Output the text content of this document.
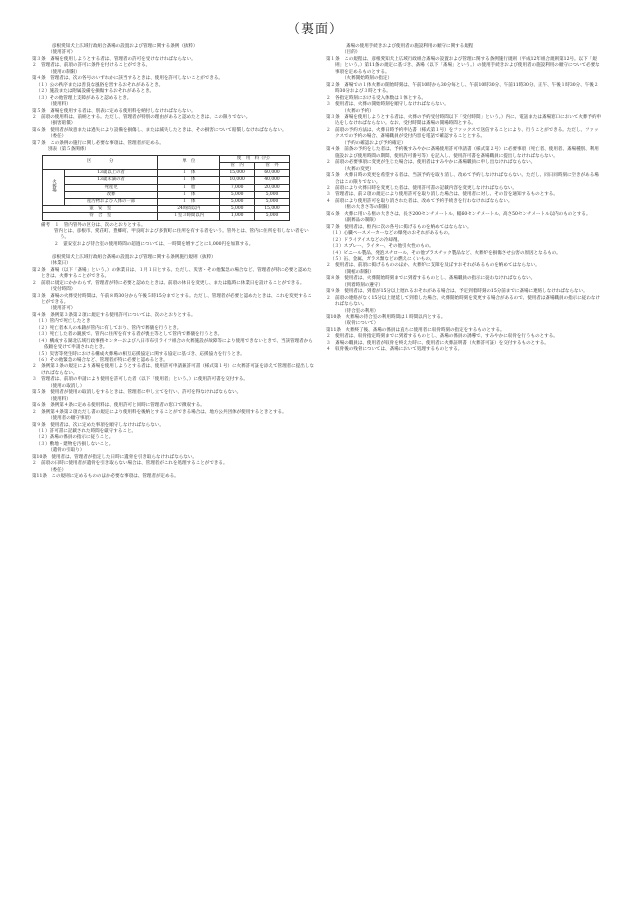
（裏面）
彦根愛知犬上広域行政組合斎場の設置および管理に関する条例（抜粋）
（使用許可）
第３条　斎場を使用しようとする者は、管理者の許可を受けなければならない。
２　管理者は、前項の許可に条件を付けることができる。
（使用の制限）
第４条　管理者は、次の各号のいずれかに該当するときは、使用を許可しないことができる。
（１）公の秩序または善良な風俗を害するおそれがあるとき。
（２）施設または附属設備を損傷するおそれがあるとき。
（３）その他管理上支障があると認めるとき。
（使用料）
第５条　斎場を使用する者は、別表に定める使用料を納付しなければならない。
２　前項の使用料は、前納とする。ただし、管理者が特別の理由があると認めたときは、この限りでない。
（損害賠償）
第６条　使用者が故意または過失により設備を損傷し、または滅失したときは、その損害について賠償しなければならない。
（委任）
第７条　この条例の施行に関し必要な事項は、管理者が定める。
別表（第５条関係）
区　　　　分		単　位	使　用　料（円）	
			管　内	管　外
火葬場	13歳以上の者	１　体	15,000	60,000
	13歳未満の者	１　体	10,000	40,000
	死産児	１　胎	7,000	20,000
	改葬	１　体	5,000	5,000
	産汚物および人体の一部	１　体	5,000	5,000
霊　安　室		24時間以内	5,000	15,000
待　合　室		１室３時間以内	1,000	5,000
備考　１　管内管外の区分は、次のとおりとする。
管内とは、彦根市、愛荘町、豊郷町、甲良町および多賀町に住所を有する者をいう。管外とは、管内に住所を有しない者をいう。
２　霊安室および待合室の使用時間の超過については、一時間を増すごとに1,000円を加算する。
彦根愛知犬上広域行政組合斎場の設置および管理に関する条例施行規則（抜粋）
（休業日）
第２条　斎場（以下「斎場」という。）の休業日は、１月１日とする。ただし、災害・その他緊急の場合など、管理者が特に必要と認めたときは、火葬することができる。
２　前項に規定にかかわらず、管理者が特に必要と認めたときは、前項の休日を変更し、または臨時に休業日を設けることができる。
（受付時間）
第３条　斎場の火葬受付時間は、午前８時30分から午後５時15分までとする。ただし、管理者が必要と認めたときは、これを変更することができる。
（使用許可）
第４条　条例第３条第２項に規定する使用許可については、次のとおりとする。
（１）管内で死亡したとき
（２）死亡者本人の本籍が管内に有しており、管内で葬儀を行うとき。
（３）死亡した者の親族で、管内に住所を有する者が喪主等として管内で葬儀を行うとき。
（４）構成する湖北広域行政事務センターおよび八日市布引ライフ組合の火葬施設が故障等により使用できないときで、当該管理者から依頼を受けて申請されたとき。
（５）災害等発生時における構成火葬場の相互応援協定に関する協定に基づき、応援協力を行うとき。
（６）その他緊急の場合など、管理者が特に必要と認めるとき。
２　条例第３条の規定により斎場を使用しようとする者は、使用許可申請兼許可書（様式第１号）に火葬許可証を添えて管理者に提出しなければならない。
３　管理者は、前項の申請により使用を許可した者（以下「使用者」という。）に使用許可書を交付する。
（使用の取消し）
第５条　使用者が使用の取消しをするときは、管理者に申し立てを行い、許可を得なければならない。
（使用料）
第６条　条例第４条に定める使用料は、使用許可と同時に管理者の窓口で徴収する。
２　条例第４条第２項ただし書の規定により使用料を後納とすることができる場合は、地方公共団体が使用するときとする。
（使用者の順守事項）
第９条　使用者は、次に定めた事項を順守しなければならない。
（１）許可書に記載された時間を厳守すること。
（２）斎場の係員の指示に従うこと。
（３）敷地・建物を汚損しないこと。
（遺骨の引取り）
第10条　使用者は、管理者が指定した日時に遺骨を引き取らなければならない。
２　前項の日時に使用者が遺骨を引き取らない場合は、管理者がこれを処理することができる。
（委任）
第11条　この規則に定めるもののほか必要な事項は、管理者が定める。
斎場の使用手続きおよび使用者の施設利用の順守に関する規程
（目的）
第１条　この規程は、彦根愛知犬上広域行政組合斎場の設置および管理に関する条例施行規則（平成12年組合規則第12号。以下「規則」という。）第11条の規定に基づき、斎場（以下「斎場」という。）の使用手続きおよび使用者の施設利用の順守について必要な事項を定めるものとする。
（火葬開始時刻の指定）
第２条　斎場での１体火葬の開始時刻は、午前10時から30分毎とし、午前10時30分、午前11時30分、正午、午後１時30分、午後２時30分および３時とする。
２　各指定時刻における受入体数は１体とする。
３　使用者は、火葬の開始時刻を順守しなければならない。
（火葬の予約）
第３条　斎場を使用しようとする者は、火葬の予約受付時間以下「受付時間」という。）内に、電話または斎場窓口において火葬予約申込をしなければならない。なお、受付時間は斎場の開場時間とする。
２　前項の予約方法は、火葬日時予約申込書（様式第１号）をファックスで送信することにより、行うことができる。ただし、ファックスでの予約の場合、斎場職員が受付内容を電話で確認することとする。
（予約の確認および予約確定）
第４条　前条の予約をした者は、予約後すみやかに斎場使用許可申請書（様式第２号）に必要事項（死亡者、使用者、斎場種別、利用施設および使用時間の期間、使用許可番号等）を記入し、使用許可書を斎場職員に提出しなければならない。
２　前項の必要事項に変更が生じた場合は、使用者はすみやかに斎場職員に申し出なければならない。
（火葬の変更）
第５条　火葬日時の変更を希望する者は、当該予約を取り消し、改めて予約しなければならない。ただし、同日同時刻に空きがある場合はこの限りでない。
２　前項により火葬日時を変更した者は、使用許可書の記載内容を変更しなければならない。
３　管理者は、前２項の規定により使用許可を取り消した場合は、使用者に対し、その旨を通知するものとする。
４　前項により使用許可を取り消された者は、改めて予約手続きを行わなければならない。
（柩の大きさ等の制限）
第６条　火葬に用いる柩の大きさは、長さ200センチメートル、幅60センチメートル、高さ50センチメートル以内のものとする。
（副葬品の制限）
第７条　使用者は、柩内に次の各号に掲げるものを納めてはならない。
（１）心臓ペースメーカーなどの爆発のおそれがあるもの。
（２）ドライアイスなどの冷却剤。
（３）スプレー、ライター、その他引火性のもの。
（４）ビニール製品、発泡スチロール、その他プラスチック製品など、火葬炉を損傷させ公害の原因となるもの。
（５）缶、金属、ガラス類などの燃えにくいもの。
２　使用者は、前項に掲げるもののほか、火葬炉に支障を及ぼすおそれがあるものを納めてはならない。
（開棺の制限）
第８条　使用者は、火葬開始時刻までに到着するものとし、斎場職員の指示に従わなければならない。
（到着時刻の遵守）
第９条　使用者は、到着が15分以上遅れるおそれがある場合は、予定到着時刻の15分前までに斎場に連絡しなければならない。
２　前項の連絡がなく15分以上遅延して到着した場合、火葬開始時刻を変更する場合があるので、使用者は斎場職員の指示に従わなければならない。
（待合室の利用）
第10条　火葬場の待合室の利用時間は１時間以内とする。
（収骨について）
第11条　火葬終了後、斎場の係員は直ちに使用者に収骨時刻の指定をするものとする。
２　使用者は、収骨指定時刻までに到着するものとし、斎場の係員の誘導で、すみやかに収骨を行うものとする。
３　斎場の職員は、使用者が収骨を終えた時に、使用者に火葬証明書（火葬許可証）を交付するものとする。
４　収骨後の残骨については、斎場において処理するものとする。
